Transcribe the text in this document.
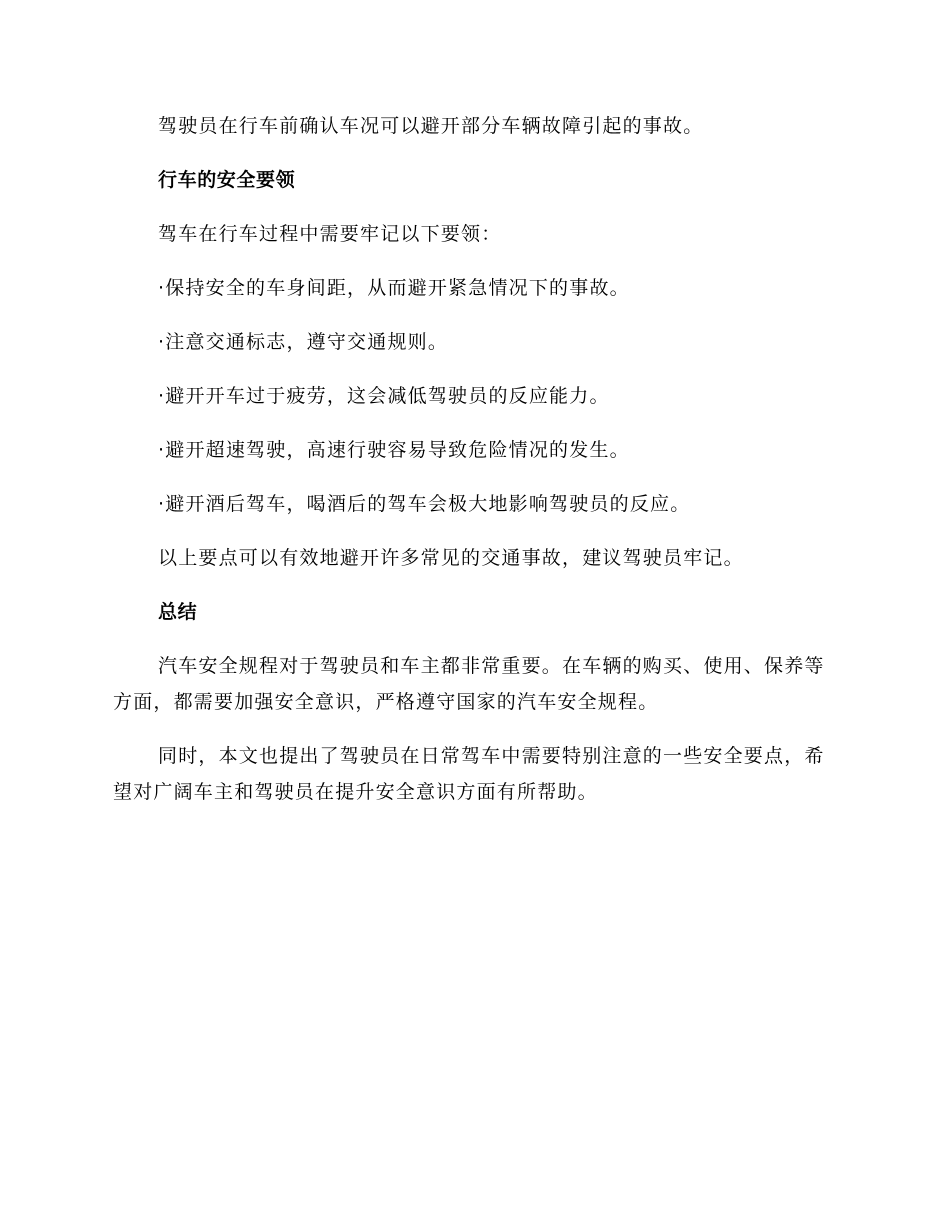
驾驶员在行车前确认车况可以避开部分车辆故障引起的事故。

行车的安全要领

驾车在行车过程中需要牢记以下要领：

·保持安全的车身间距，从而避开紧急情况下的事故。

·注意交通标志，遵守交通规则。

·避开开车过于疲劳，这会减低驾驶员的反应能力。

·避开超速驾驶，高速行驶容易导致危险情况的发生。

·避开酒后驾车，喝酒后的驾车会极大地影响驾驶员的反应。

以上要点可以有效地避开许多常见的交通事故，建议驾驶员牢记。

总结

汽车安全规程对于驾驶员和车主都非常重要。在车辆的购买、使用、保养等方面，都需要加强安全意识，严格遵守国家的汽车安全规程。

同时，本文也提出了驾驶员在日常驾车中需要特别注意的一些安全要点，希望对广阔车主和驾驶员在提升安全意识方面有所帮助。
